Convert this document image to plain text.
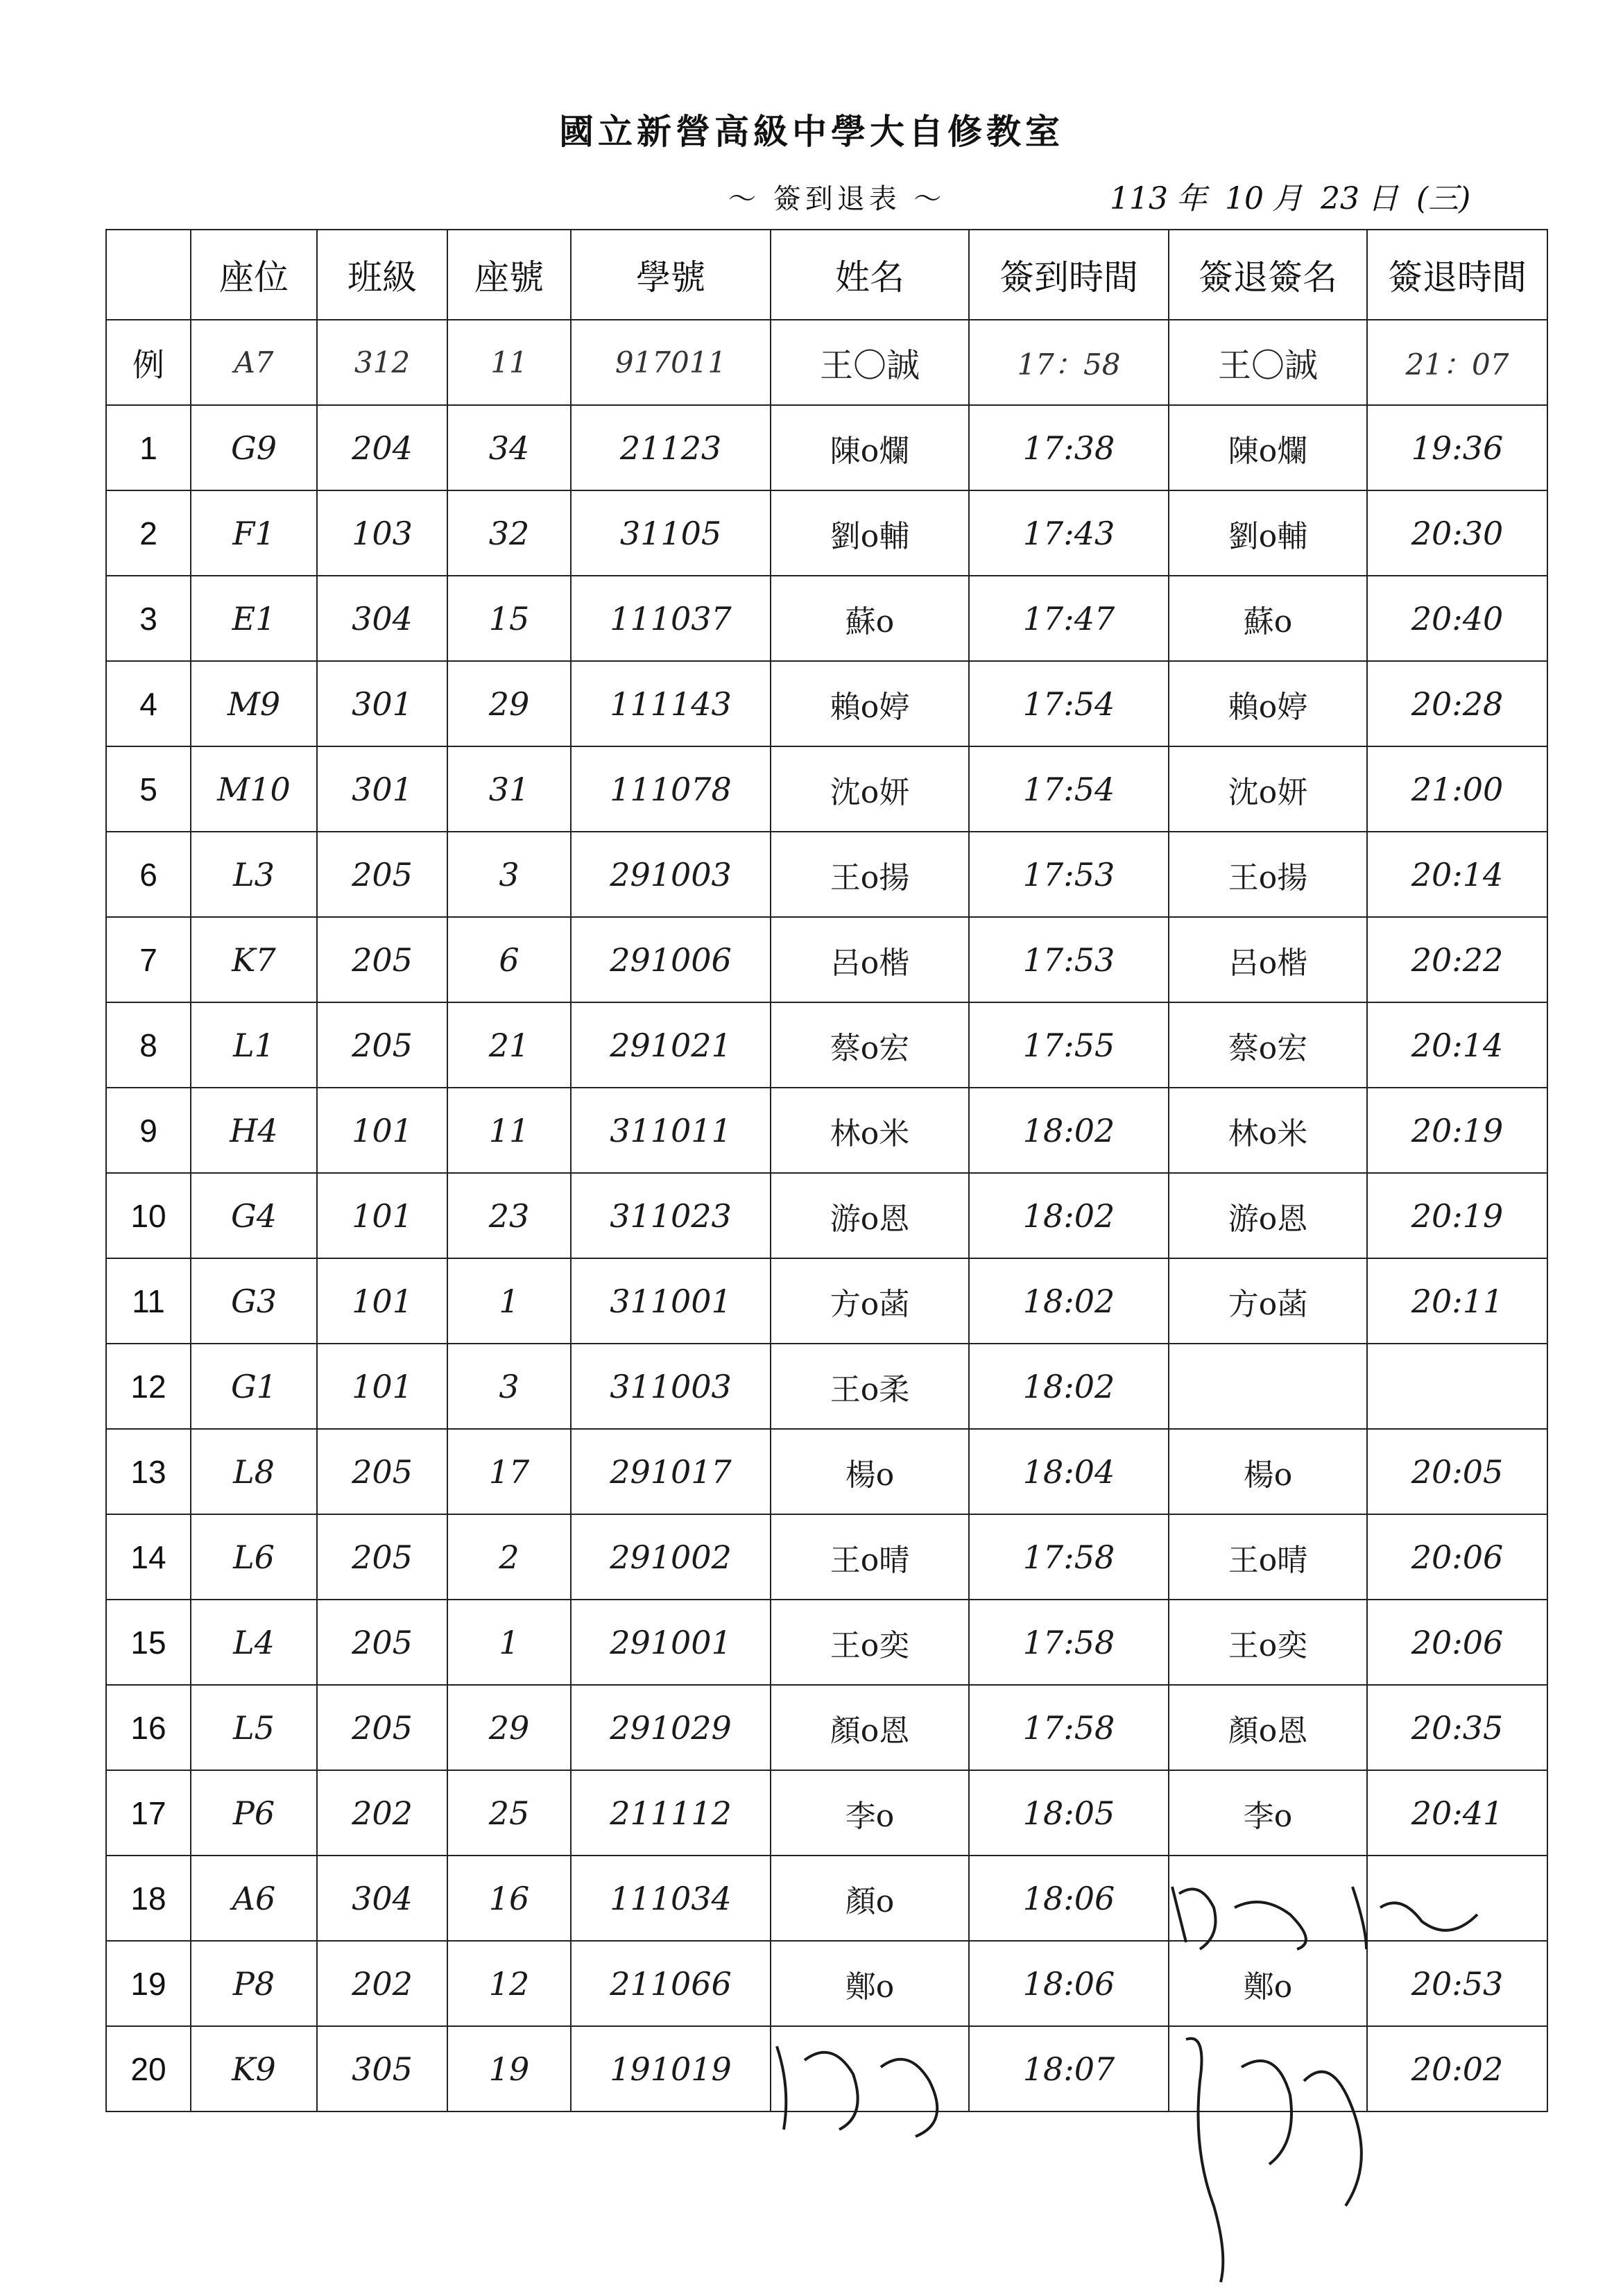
國立新營高級中學大自修教室
〜 簽到退表 〜	113 年 10 月 23 日 (三)
	座位	班級	座號	學號	姓名	簽到時間	簽退簽名	簽退時間
例	A7	312	11	917011	王〇誠	17：58	王〇誠	21：07
1	G9	204	34	21123	陳o爛	17:38	陳o爛	19:36
2	F1	103	32	31105	劉o輔	17:43	劉o輔	20:30
3	E1	304	15	111037	蘇o	17:47	蘇o	20:40
4	M9	301	29	111143	賴o婷	17:54	賴o婷	20:28
5	M10	301	31	111078	沈o妍	17:54	沈o妍	21:00
6	L3	205	3	291003	王o揚	17:53	王o揚	20:14
7	K7	205	6	291006	呂o楷	17:53	呂o楷	20:22
8	L1	205	21	291021	蔡o宏	17:55	蔡o宏	20:14
9	H4	101	11	311011	林o米	18:02	林o米	20:19
10	G4	101	23	311023	游o恩	18:02	游o恩	20:19
11	G3	101	1	311001	方o菡	18:02	方o菡	20:11
12	G1	101	3	311003	王o柔	18:02		
13	L8	205	17	291017	楊o	18:04	楊o	20:05
14	L6	205	2	291002	王o晴	17:58	王o晴	20:06
15	L4	205	1	291001	王o奕	17:58	王o奕	20:06
16	L5	205	29	291029	顏o恩	17:58	顏o恩	20:35
17	P6	202	25	211112	李o	18:05	李o	20:41
18	A6	304	16	111034	顏o	18:06		
19	P8	202	12	211066	鄭o	18:06	鄭o	20:53
20	K9	305	19	191019		18:07		20:02
